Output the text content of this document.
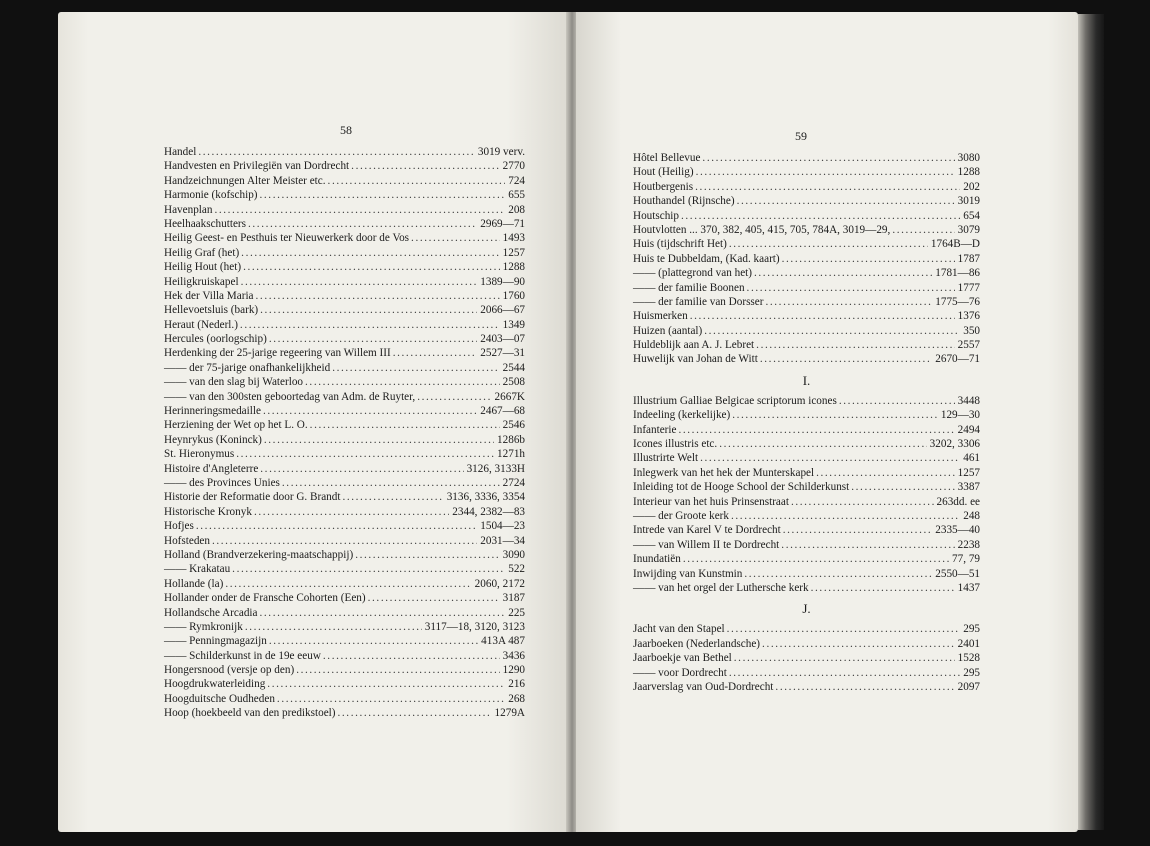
58
Handel .....	3019 verv.
Handvesten en Privilegiën van Dordrecht .....	2770
Handzeichnungen Alter Meister etc. .....	724
Harmonie (kofschip) .....	655
Havenplan .....	208
Heelhaakschutters .....	2969—71
Heilig Geest- en Pesthuis ter Nieuwerkerk door de Vos .....	1493
Heilig Graf (het) .....	1257
Heilig Hout (het) .....	1288
Heiligkruiskapel .....	1389—90
Hek der Villa Maria .....	1760
Hellevoetsluis (bark) .....	2066—67
Heraut (Nederl.) .....	1349
Hercules (oorlogschip) .....	2403—07
Herdenking der 25-jarige regeering van Willem III .....	2527—31
—— der 75-jarige onafhankelijkheid .....	2544
—— van den slag bij Waterloo .....	2508
—— van den 300sten geboortedag van Adm. de Ruyter, .....	2667K
Herinneringsmedaille .....	2467—68
Herziening der Wet op het L. O. .....	2546
Heynrykus (Koninck) .....	1286b
St. Hieronymus .....	1271h
Histoire d'Angleterre .....	3126, 3133H
—— des Provinces Unies .....	2724
Historie der Reformatie door G. Brandt .....	3136, 3336, 3354
Historische Kronyk .....	2344, 2382—83
Hofjes .....	1504—23
Hofsteden .....	2031—34
Holland (Brandverzekering-maatschappij) .....	3090
—— Krakatau .....	522
Hollande (la) .....	2060, 2172
Hollander onder de Fransche Cohorten (Een) .....	3187
Hollandsche Arcadia .....	225
—— Rymkronijk .....	3117—18, 3120, 3123
—— Penningmagazijn .....	413A 487
—— Schilderkunst in de 19e eeuw .....	3436
Hongersnood (versje op den) .....	1290
Hoogdrukwaterleiding .....	216
Hoogduitsche Oudheden .....	268
Hoop (hoekbeeld van den predikstoel) .....	1279A
59
Hôtel Bellevue .....	3080
Hout (Heilig) .....	1288
Houtbergenis .....	202
Houthandel (Rijnsche) .....	3019
Houtschip .....	654
Houtvlotten ... 370, 382, 405, 415, 705, 784A, 3019—29, .....	3079
Huis (tijdschrift Het) .....	1764B—D
Huis te Dubbeldam, (Kad. kaart) .....	1787
—— (plattegrond van het) .....	1781—86
—— der familie Boonen .....	1777
—— der familie van Dorsser .....	1775—76
Huismerken .....	1376
Huizen (aantal) .....	350
Huldeblijk aan A. J. Lebret .....	2557
Huwelijk van Johan de Witt .....	2670—71
I.
Illustrium Galliae Belgicae scriptorum icones .....	3448
Indeeling (kerkelijke) .....	129—30
Infanterie .....	2494
Icones illustris etc. .....	3202, 3306
Illustrirte Welt .....	461
Inlegwerk van het hek der Munterskapel .....	1257
Inleiding tot de Hooge School der Schilderkunst .....	3387
Interieur van het huis Prinsenstraat .....	263dd. ee
—— der Groote kerk .....	248
Intrede van Karel V te Dordrecht .....	2335—40
—— van Willem II te Dordrecht .....	2238
Inundatiën .....	77, 79
Inwijding van Kunstmin .....	2550—51
—— van het orgel der Luthersche kerk .....	1437
J.
Jacht van den Stapel .....	295
Jaarboeken (Nederlandsche) .....	2401
Jaarboekje van Bethel .....	1528
—— voor Dordrecht .....	295
Jaarverslag van Oud-Dordrecht .....	2097
